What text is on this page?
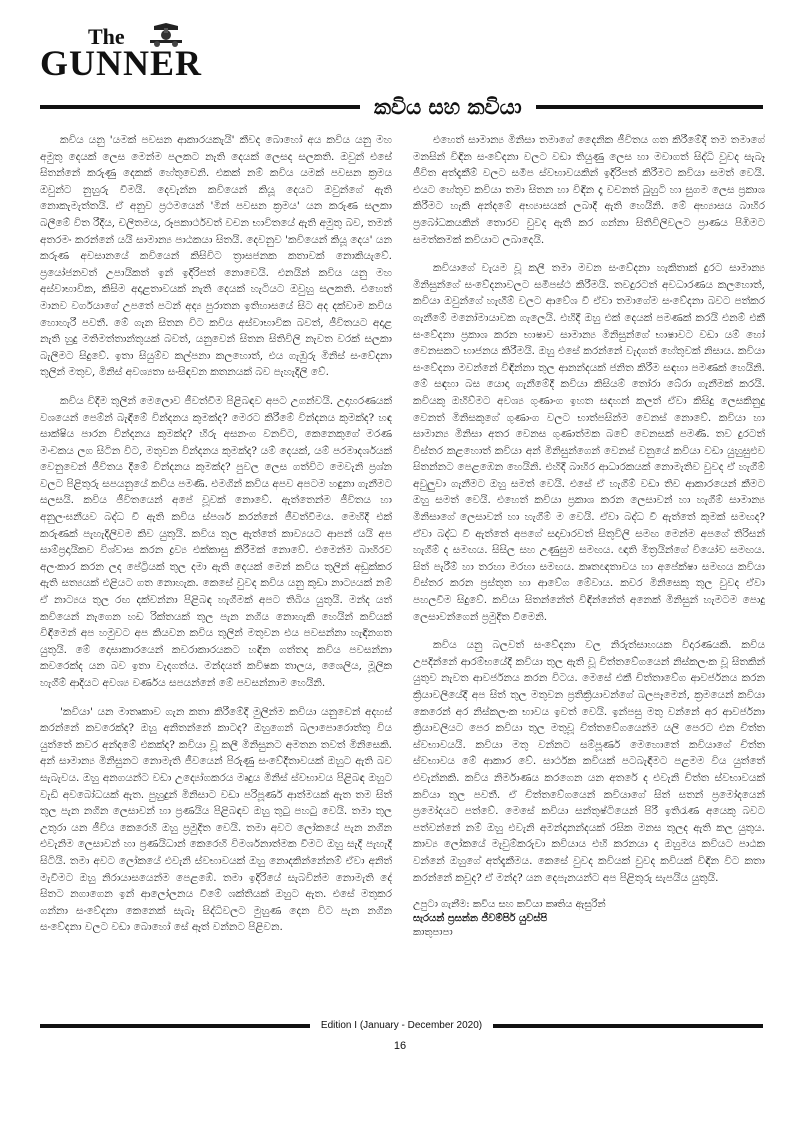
The
GUNNER
කවිය සහ කවියා

කවිය යනු 'යමක් පවසන ආකාරයකැයි' කීවද බොහෝ අය කවිය යනු මහ අමුතු දෙයක් ලෙස මෙන්ම පලකට නැති දෙයක් ලෙසද සලකති. ඔවුන් එසේ සිතන්නේ කරුණු දෙකක් හේතුවෙනි. එකක් නම් කවිය යමක් පවසන ක්‍රමය ඔවුන්ට නුහුරු වීමයි. දෙවැන්න කවියෙන් කියූ දෙයට ඔවුන්ගේ ඇති නොකැමැත්තයි. ඒ අනුව ප්‍රථමයෙන් 'මින් පවසන ක්‍රමය' යන කරුණ සලකා බලීමේ විත රීදීය, චලිතමය, රූපකාර්ථවත් වචන භාවිතයේ ඇති අමුතු බව, තමන් අතරමං කරන්නේ යයි සාමාන්‍ය පාඨකයා සිතයි. දෙවනුව 'කවියෙන් කියූ දෙය' යන කරුණ අවසානයේ කවියෙන් කිසිවිට ත්‍රාසජනක කතාවක් නොකියැවේ. ප්‍රයෝජනවත් උපායිකත් ඉන් ඉදිරිපත් නොවෙයි. එනයින් කවිය යනු මහ අස්වාභාවික, කිසිම අදාළතාවයක් නැති දෙයක් හැටියට ඔවුහු සලකති. එහෙත් මානව වර්ගයාගේ උපතේ පටන් අද්‍ය පුරාතන ඉතිහාසයේ සිට අද දක්වාම කවිය හොහැරී පවතී. මේ ගැන සිතන විට කවිය අස්වාභාවික බවත්, ජීවිතයට අදාළ නැති හුදු මතිමත්තාන්තුයක් බවත්, යනුවෙන් සිතන සිතිවිලි නැවත වරක් සලකා බැලීමට සිදුවේ. ඉතා සියුම්ව කල්පනා කලහොත්, එය ගැඹුරු මිනිස් සංවේදනා තුලින් මතුව, මිනිස් අවශ්‍යතා සංසිඳවන කතනයක් බව පැහැදිලි වේ.

කවිය විදීම තුලින් මෙලොව ජීවත්වීම පිළිබඳව අපට උගන්වයි. උදාහරණයක් වශයෙන් පෙම්න් බැඳීමේ වින්දනය කුමක්ද? මෙරට කිරීමේ වින්දනය කුමක්ද? හඳ සාක්ෂිය පාරන වින්දනය කුමක්ද? හිරු අසනංග වනවිට, කෙනෙකුගේ මරණ මංචකය ලග සිටින විට, මතුවන වින්දනය කුමක්ද? යම් දෙයක්, යම් පරමාදර්ශයක් වෙනුවෙන් ජීවිතය දීමේ වින්දනය කුමක්ද? පුවල ලෙස ගත්විට මෙවැනි ප්‍රශ්න වලට පිළිතුරු සපයනුයේ කවිය පමණි. එමගින් කවිය අපව අපටම හඳුනා ගැනීමට සලසයි. කවිය ජීවිතයෙන් අපේ වූවක් නොවේ. ඇත්තෙන්ම ජීවිතය හා අනුලංඝනීයව බද්ධ වී ඇති කවිය ස්පර්ශ කරන්නේ ජීවත්වීමය. මෙහිදී එක් කරුණක් පැහැදිලිවම කිව යුතුයි. කවිය තුල ඇත්තේ කාව්‍යයට ආපන් යයි අප සාම්ප්‍රදායිකව විශ්වාස කරන ද්‍රව්‍ය එක්කාසු කිරීමක් නොවේ. එමෙන්ම බාහිරව අලංකාර කරන ලද පේට්‍රියක් තුල දමා ඇති දෙයක් මෙන් කවිය තුලින් අඩුක්කර ඇති සත්‍යයක් එළියට ගත නොහැක. කෙසේ වුවද කවිය යනු කුඩා නාට්‍යයක් නම් ඒ නාට්‍යය තුල රඟ දක්වන්නා පිළිබඳ හැගීමක් අපට තිබිය යුතුයි. මන්ද යත් කවියෙන් නැගෙන හඩ රික්තයක් තුල පැන නගිය නොහැකි හෙයින් කවියක් විඳිමෙන් අප හමුවට අප කියවන කවිය තුලින් මතුවන එය පවසන්නා හැඳිනගත යුතුයි. මේ දොසාකාරයෙන් කවරාකාරයකට හඳින ගත්තද කවිය පවසන්නා කවරෙක්ද යන බව ඉතා වැදගත්ය. මන්දයත් කවිෂක තාලය, ශෛලිය, මූලික හැගීම් ආදියට අවශ්‍ය වර්ණය සපයන්නේ මේ පවසන්නාම හෙයිනි.

'කවියා' යන මාතෘකාව ගැන කතා කිරීමේදී මුලින්ම කවියා යනුවෙන් අදහස් කරන්නේ කවරෙක්ද? ඔහු අනිතන්නේ කාටද? ඔහුගෙන් බලාපොරොත්තු විය යුත්තේ කවර අන්දමේ එකක්ද? කවියා වූ කලී මිනිසුනට අමතන තවත් මිනිසෙකි. අන් සාමාන්‍ය මිනිසුනට නොමැති ජීවයෙන් පිරුණු සංවේදීතාවයක් ඔහුට ඇති බව සැබැවය. ඔහු අනගයන්ට වඩා උද්‍යෝගකරය මෘදුය මිනිස් ස්වභාවය පිළිබඳ ඔහුට වැඩි අවබෝධයක් ඇත. පුහුදුන් මිනිසාට වඩා පරිපූර්ණ ආත්මයක් ඇත තම සිත් තුල පැන නගින ලෙසාවන් හා ප්‍රණයිය පිළිබඳව ඔහු තුටු පහටු වෙයි. තමා තුල උතුරා යන ජීවිය කෙරෙහි ඔහු ප්‍රමුදිත වෙයි. තමා අවට ලෝකයේ පැන නගින එවැනිම ලෙසාවන් හා ප්‍රණයිධාන් කෙරෙහි විමර්ශනාත්මක වීමට ඔහු සැදී පැහැදී සිටියි. තමා අවට ලෝකයේ එවැනි ස්වභාවයක් ඔහු නොදකින්නේනම් ඒවා අනිත් මැවීමට ඔහු නිරායාසයෙන්ම පෙළඹේ. තමා ඉදිරියේ සැබවින්ම නොමැති දේ සිතට නගාගෙන ඉන් ආලෝලනය වීමේ ශක්තියක් ඔහුට ඇත. එසේ මතුකර ගන්නා සංවේදනා කෙනෙක් සැබෑ සිද්ධිවලට මුහුණ දෙන විට පැන නගින සංවේදනා වලට වඩා බොහෝ සේ ඈත් වන්නට පිළිවන.

එහෙත් සාමාන්‍ය මිනිසා තමාගේ දෛනික ජීවිතය ගත කිරීමේදී තම තමාගේ මනසින් විඳින සංවේදනා වලට වඩා තියුණු ලෙස හා මවාගත් සිද්ධි වුවද සැබෑ ජීවිත අත්දැකීම් වලට සමීප ස්වභාවයකින් ඉදිරිපත් කිරීමට කවියා සමත් වෙයි. එයට හේතුව කවියා තමා සිතන හා විඳින දෑ වචනත් බුහුටි හා සුගම ලෙස ප්‍රකාශ කිරීමට හැකි අන්දමේ අභ්‍යාසයක් ලබාදී ඇති හෙයිනි. මේ අභ්‍යාසය බාහිර ප්‍රබෝධකයකින් තොරව වුවද ඇති කර ගන්නා සිතිවිලිවලට ප්‍රාණය පිඹිමට සමත්කමක් කවියාට ලබාදෙයි.

කවියාගේ වැයම වූ කලී තමා මවන සංවේදනා හැකිතාක් දුරට සාමාන්‍ය මිනිසුන්ගේ සංවේදනාවලට සමීපස්ථ කිරීමයි. තවදුරටත් අවධාරණය කලහොත්, කවියා ඔවුන්ගේ හැඟීම් වලට ආවේශ වී ඒවා තමාගේම සංවේදනා බවට පත්කර ගැනීමේ මනෝමායාවක ගැලෙයි. එහිදී ඔහු එක් දෙයක් පමණක් කරයි එනම් එකී සංවේදනා ප්‍රකාශ කරන භාෂාව සාමාන්‍ය මිනිසුන්ගේ භාෂාවට වඩා යම් හෝ වෙනසකට භාජනය කිරීමයි. ඔහු එසේ කරන්නේ වැදගත් හේතුවක් නිසාය. කවියා සංවේදනා මවන්නේ විඳින්නා තුල ආනන්දයක් ජනිත කිරීම සඳහා පමණක් හෙයිනි. මේ සඳහා බස යොදා ගැනීමේදී කවියා කිසියම් තෝරා බේරා ගැනීමක් කරයි. කවියකු ඔහිව්මට අවශ්‍ය ගුණාංග ඉහත සඳහන් කලත් ඒවා කිසිදු ලෙසකිනුදු වෙනත් මිනිසකුගේ ගුණාංග වලට භාත්පසින්ම වෙනස් නොවේ. කවියා හා සාමාන්‍ය මිනිසා අතර වෙනස ගුණාත්මක බවේ වෙනසක් පමණි. තව දුරටත් විස්තර කළහොත් කවියා අන් මිනිසුන්ගෙන් වෙනස් වනුයේ කවියා වඩා යුහුසුළුව සිතන්නට පෙළඹෙන හෙයිනි. එහිදී බාහිර ආධාරකයක් නොමැතිව වුවද ඒ හැගීම් අවුලුවා ගැනීමට ඔහු සමත් වෙයි. එසේ ඒ හැගීම් වඩා තිව ආකාරයෙන් කීමට ඔහු සමත් වෙයි. එහෙත් කවියා ප්‍රකාශ කරන ලෙසාවන් හා හැගීම් සාමාන්‍ය මිනිසාගේ ලෙසාවන් හා හැගීම් ම වෙයි. ඒවා බද්ධ වී ඇත්තේ කුමක් සමඟද? ඒවා බද්ධ වී ඇත්තේ අපගේ සදාචාරවත් සිතුවිලි සමඟ මෙන්ම අපගේ තිරිසන් හැගීම් ද සමඟය. සිසිල සහ උණුසුම සමඟය. ඥාති මිත්‍රයින්ගේ වියෝව සමඟය. සිත් පැරීම් හා තරහා මරහා සමඟය. කෘතඥතාවය හා අපේක්ෂා සමඟය කවියා විස්තර කරන ප්‍රස්තුත හා ආවේග මේවාය. කවර මිනිසෙකු තුල වුවද ඒවා පහලවීම සිදුවේ. කවියා සිතන්නේත් විඳින්නේත් අනෙක් මිනිසුන් හැමටම පොදු ලෙසාවන්ගෙන් ප්‍රමුදිත වීමෙනි.

කවිය යනු බලවත් සංවේදනා වල නිරුත්සාහයක විදාරණයකි. කවිය උපදින්නේ ආරම්භයේදී කවියා තුල ඇති වූ චිත්තවේගයෙන් නිස්කලංක වූ සිතකින් යුතුව නැවත ආවර්ජනය කරන විටය. මෙසේ එකී චිත්තාවේග ආවර්ජනය කරන ක්‍රියාවලියේදී අප සිත් තුල මතුවන ප්‍රතික්‍රියාවන්ගේ බලපෑමෙන්, ක්‍රමයෙන් කවියා කෙරෙන් අර නිස්කලංක භාවය ඉවත් වෙයි. ඉන්පසු මතු වන්නේ අර ආවර්ජනා ක්‍රියාවලියට පෙර කවියා තුල මතුවූ චිත්තවේගයෙන්ම යලි පෙරට එන චිත්ත ස්වභාවයයි. කවියා මතු වන්නට සම්පූර්ණ මෙහොතේ කවියාගේ චිත්ත ස්වභාවය මේ ආකාර වේ. සාර්ථක කවියක් පටබැඳීමට පළමම විය යුත්තේ එවැන්නකි. කවිය නිර්මාණය කරගෙන යන අතරේ ද එවැනි චිත්ත ස්වභාවයක් කවියා තුල පවතී. ඒ චිත්තවේගයෙන් කවියාගේ සිත් සතන් ප්‍රමෝදයෙන් ප්‍රමෝදයට පත්වේ. මෙසේ කවියා සන්තුෂ්ටියෙන් පිරී ඉතිරැණ අයෙකු බවට පත්වන්නේ නම් ඔහු එවැනි අමන්දානන්දයක් රසික මනස තුලද ඇති කල යුතුය. කාව්‍ය ලෝකයේ මැවුම්කරුවා කවියාය එහි කරනයා ද ඔහුමය කවියට පාඨක වන්නේ ඔහුගේ අත්දැකීමය. කෙසේ වුවද කවියක් වුවද කවියක් විඳින විට කතා කරන්නේ කවුද? ඒ මන්ද? යන දෙපැනයන්ට අප පිළිතුරු සැපයිය යුතුයි.

උපුටා ගැනීම: කවිය සහ කවියා කෘතිය ඇසුරින්
සැරයන් ප්‍රසන්න ජීවම්පිර් යුවස්පි
කාතුපාපා
Edition I (January - December 2020)
16
